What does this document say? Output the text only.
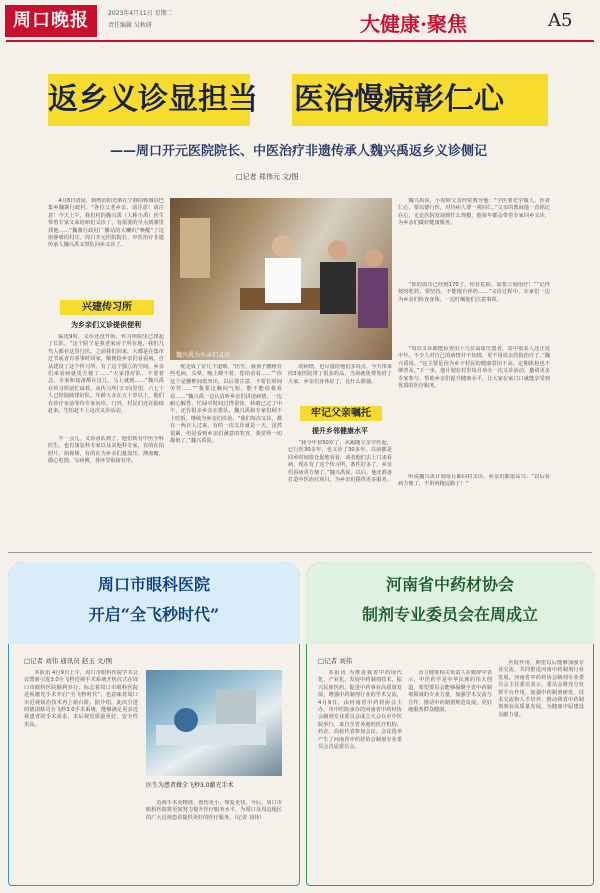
周口晚报	2023年4月11日 星期二
责任编辑 吴秋研	大健康·聚焦	A5
返乡义诊显担当 医治慢病彰仁心
——周口开元医院院长、中医治疗非遗传承人魏兴禹返乡义诊侧记
□记者 郑伟元 文/图

4月8日清晨，和煦的阳光洒在宁静的郸城县巴集乡魏寨行政村，“各位父老乡亲，请注意！请注意！今天上午，我们村的魏兴禹（人称小禹）医生带着专家又来给咱们义诊了，有需要的早点到寨里找他……”魏寨行政村广播站的大喇叭“唤醒”了这座静谧的村庄。周口开元医院院长、中医治疗非遗传承人魏兴禹又带队回乡义诊了。

兴建传习所
为乡亲们义诊提供便利

临近9时，义诊还没开始，传习所院里已排起了长队。“这个院子是我老家房子所在地，我们几代人都在这里行医。之前我们回来，大都是在集市过节或者有喜事时回家，顺便给乡亲们看看病。自从建设了这个传习所，有了这个独立的空间，乡亲们来看病就更方便了……”大家排好队，不要着急，专家和设备都在这儿，马上就到……”魏兴禹在传习所前忙碌着。从传习所门口向里望，六七十人已经陆续排好队，年龄大多在五十岁以上，他们在诊疗室前等待专家问诊。门外，村民们还在陆续赶来，生怕赶不上这次义诊活动。

不一会儿，义诊团队到了，他们既有中医全科医生，也有康复科专家以及其他科专家，有的在拍照片、拍视频，有的在为乡亲们量血压、测血糖、做心电图、写病例，各环节衔接有序。

魏兴禹为乡亲们义诊

舵走成了好几个道寨。“医生，我孩子腰椎有些毛病，头晕，晚上睡不着，您给看看……”“你这个是腰椎间盘突出，以后要注意，不要长时间劳作……”“我要这胸闷气短，能不能给我看看……”魏兴禹一边认真听乡亲们讲述病情，一边耐心解答。忙碌中时间过得很快，转眼已过了中午，还有很多乡亲在排队，魏兴禹和专家们顾不上吃饭，继续为乡亲们诊治。“我们每次义诊，都有一两百人过来，有的一次义诊就是一天。虽然很累，但是看到乡亲们满意的笑容，我觉得一切都值了。”魏兴禹说。

的病情，也尽量给他们多说点，今天带来的3家医院带了很多药品，当场就免费发给了大家。乡亲们身体好了，比什么都强。

牢记父亲嘱托
提升乡邻健康水平

“我今年快50岁了，从跟随父亲学医起，已行医30多年，也义诊了30多年。以前都是回乡时间很仓促地看看，或者他们去上门来看病，现在有了这个传习所，条件好多了，乡亲们看病更方便了。”魏兴禹说。以后，他还准备打造中医治疗项目，为乡亲们提供更多服务。

魏兴禹说，小时候父亲经常教导他：“学医要先学做人，医者仁心，要以德行医，对待病人要一视同仁。”父亲的教诲他一直铭记在心，无论医院发展到什么规模，他每年都会带着专家回乡义诊，为乡亲们做好健康服务。

“你的血压已经到170了，你有危险，需要立刻治疗！”“记得按时吃药，要坚持，不能擅自停药……”义诊过程中，专家们一边为乡亲们检查身体，一边叮嘱他们注意事项。

“每次义诊都能检查出十几位高血压患者，其中很多人还正处中年。不少人对自己的病情并不知情，更不用说去医院治疗了。”魏兴禹说，“这主要是因为乡下村民的健康意识不高，定期体检也不够普及。”下一步，他计划在村里每月举办一次义诊活动，邀请更多专家参与，帮助乡亲们提升健康水平，让大家在家门口就能享受到优质的医疗服务。

听说魏兴禹计划每月都回村义诊，乡亲们都很高兴：“以后看病方便了，不用再跑远路了！”

周口市眼科医院
开启“全飞秒时代”
□记者 刘伟 通讯员 赵玉 文/图

本报讯 4月9日上午，周口市眼科医院学术会议暨新引进3.0全飞秒近视手术系统开机仪式在周口市眼科医院顺利举行，标志着周口市眼科医院近视激光手术开启“全飞秒时代”，也意味着周口市近视矫治技术再上新台阶。据介绍，此次引进的德国蔡司全飞秒3.0手术系统，能够满足更多近视患者的手术需求，术后视觉质量更好，安全性更高。

医生为患者做全飞秒3.0激光手术

近视手术更精准，创伤更小，恢复更快。今后，周口市眼科医院将更加努力提升医疗服务水平，为周口及周边地区的广大近视患者提供更好的医疗服务。（记者 刘伟）

河南省中药材协会
制剂专业委员会在周成立
□记者 刘伟

本报讯 为推进我省中药现代化、产业化，发展中药制剂技术，振兴民族医药，促进中药事业高质量发展，增强中药制剂行业的学术交流，4月9日，由河南省中药材协会主办、市中医院承办的河南省中药材协会制剂专业委员会成立大会在市中医院举行，来自全省各地的医疗机构、药企、高校代表参加会议。会议选举产生了河南省中药材协会制剂专业委员会首届委员会。

市卫健委相关负责人在致辞中表示，中医药学是中华民族的伟大创造，希望委员会能够凝聚全省中药制剂领域的专业力量，加强学术交流与合作，推动中药制剂规范发展，更好地服务群众健康。

医院作用，期望以后能够加强专业交流，共同推进河南中药制剂行业发展。河南省中药材协会制剂专业委员会主任委员表示，委员会将充分发挥平台作用，加强中药制剂研发、技术交流和人才培养，推动我省中药制剂事业高质量发展，为健康中原建设贡献力量。
